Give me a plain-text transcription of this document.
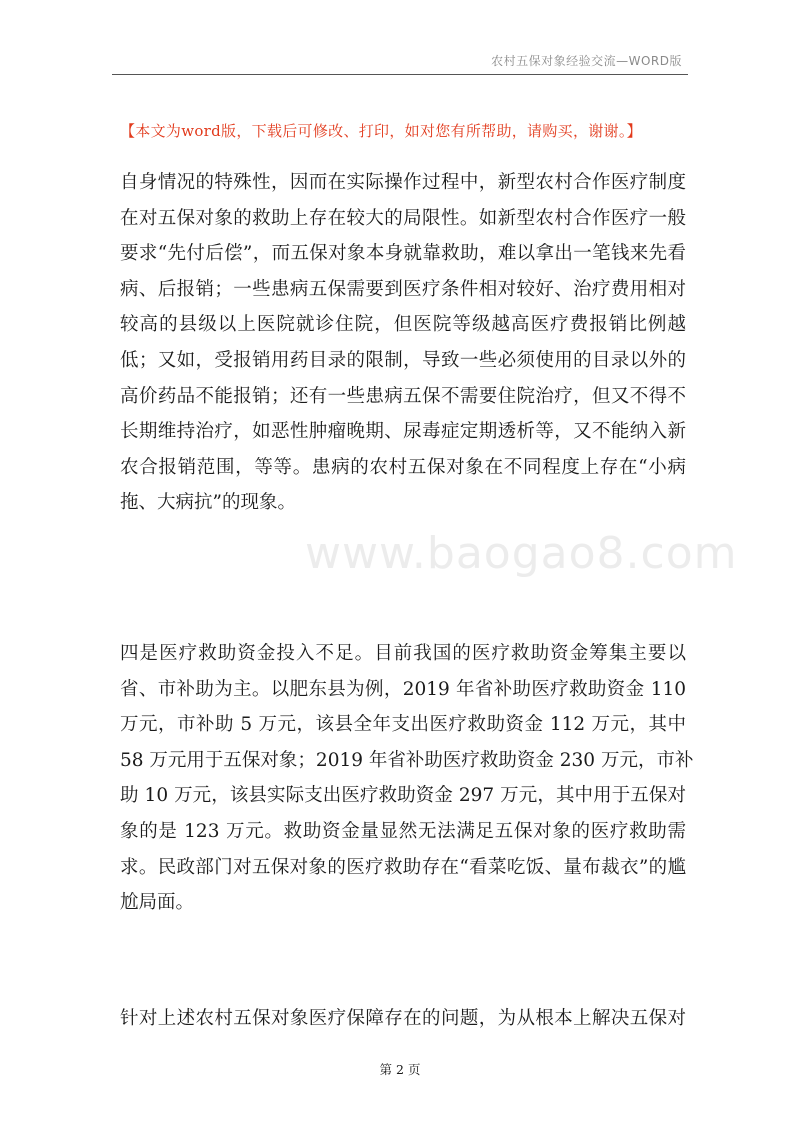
农村五保对象经验交流—WORD版
【本文为word版，下载后可修改、打印，如对您有所帮助，请购买，谢谢。】
www.baogao8.com
自身情况的特殊性，因而在实际操作过程中，新型农村合作医疗制度
在对五保对象的救助上存在较大的局限性。如新型农村合作医疗一般
要求“先付后偿”，而五保对象本身就靠救助，难以拿出一笔钱来先看
病、后报销；一些患病五保需要到医疗条件相对较好、治疗费用相对
较高的县级以上医院就诊住院，但医院等级越高医疗费报销比例越
低；又如，受报销用药目录的限制，导致一些必须使用的目录以外的
高价药品不能报销；还有一些患病五保不需要住院治疗，但又不得不
长期维持治疗，如恶性肿瘤晚期、尿毒症定期透析等，又不能纳入新
农合报销范围，等等。患病的农村五保对象在不同程度上存在“小病
拖、大病抗”的现象。
四是医疗救助资金投入不足。目前我国的医疗救助资金筹集主要以
省、市补助为主。以肥东县为例，2019 年省补助医疗救助资金 110
万元，市补助 5 万元，该县全年支出医疗救助资金 112 万元，其中
58 万元用于五保对象；2019 年省补助医疗救助资金 230 万元，市补
助 10 万元，该县实际支出医疗救助资金 297 万元，其中用于五保对
象的是 123 万元。救助资金量显然无法满足五保对象的医疗救助需
求。民政部门对五保对象的医疗救助存在“看菜吃饭、量布裁衣”的尴
尬局面。
针对上述农村五保对象医疗保障存在的问题，为从根本上解决五保对
第 2 页
